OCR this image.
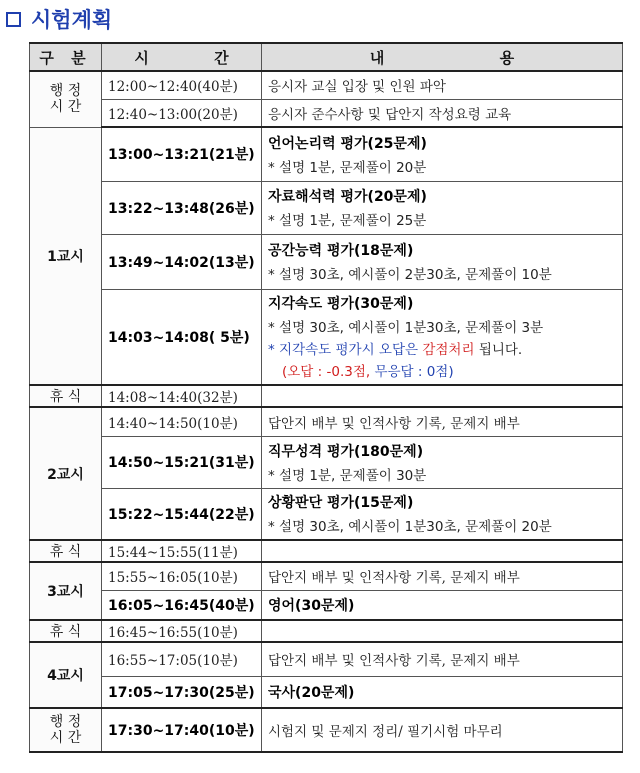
시험계획
구 분	시 간	내 용

행 정
시 간	12:00~12:40(40분)	응시자 교실 입장 및 인원 파악
	12:40~13:00(20분)	응시자 준수사항 및 답안지 작성요령 교육
1교시	13:00~13:21(21분)	언어논리력 평가(25문제)
* 설명 1분, 문제풀이 20분

	13:22~13:48(26분)	자료해석력 평가(20문제)
* 설명 1분, 문제풀이 25분

	13:49~14:02(13분)	공간능력 평가(18문제)
* 설명 30초, 예시풀이 2분30초, 문제풀이 10분

	14:03~14:08( 5분)	지각속도 평가(30문제)
* 설명 30초, 예시풀이 1분30초, 문제풀이 3분
* 지각속도 평가시 오답은 감점처리 됩니다.
(오답 : -0.3점, 무응답 : 0점)

휴 식	14:08~14:40(32분)	
2교시	14:40~14:50(10분)	답안지 배부 및 인적사항 기록, 문제지 배부
	14:50~15:21(31분)	직무성격 평가(180문제)
* 설명 1분, 문제풀이 30분

	15:22~15:44(22분)	상황판단 평가(15문제)
* 설명 30초, 예시풀이 1분30초, 문제풀이 20분

휴 식	15:44~15:55(11분)	
3교시	15:55~16:05(10분)	답안지 배부 및 인적사항 기록, 문제지 배부
	16:05~16:45(40분)	영어(30문제)

휴 식	16:45~16:55(10분)	
4교시	16:55~17:05(10분)	답안지 배부 및 인적사항 기록, 문제지 배부
	17:05~17:30(25분)	국사(20문제)

행 정
시 간	17:30~17:40(10분)	시험지 및 문제지 정리/ 필기시험 마무리
